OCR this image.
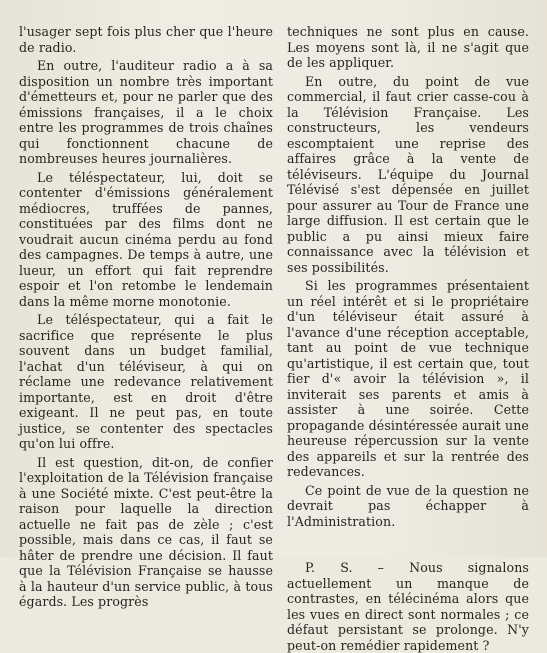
l'usager sept fois plus cher que l'heure de radio.

En outre, l'auditeur radio a à sa disposition un nombre très important d'émetteurs et, pour ne parler que des émissions françaises, il a le choix entre les programmes de trois chaînes qui fonctionnent chacune de nombreuses heures journalières.

Le téléspectateur, lui, doit se contenter d'émissions généralement médiocres, truffées de pannes, constituées par des films dont ne voudrait aucun cinéma perdu au fond des campagnes. De temps à autre, une lueur, un effort qui fait reprendre espoir et l'on retombe le lendemain dans la même morne monotonie.

Le téléspectateur, qui a fait le sacrifice que représente le plus souvent dans un budget familial, l'achat d'un téléviseur, à qui on réclame une redevance relativement importante, est en droit d'être exigeant. Il ne peut pas, en toute justice, se contenter des spectacles qu'on lui offre.

Il est question, dit-on, de confier l'exploitation de la Télévision française à une Société mixte. C'est peut-être la raison pour laquelle la direction actuelle ne fait pas de zèle ; c'est possible, mais dans ce cas, il faut se hâter de prendre une décision. Il faut que la Télévision Française se hausse à la hauteur d'un service public, à tous égards. Les progrès

techniques ne sont plus en cause. Les moyens sont là, il ne s'agit que de les appliquer.

En outre, du point de vue commercial, il faut crier casse-cou à la Télévision Française. Les constructeurs, les vendeurs escomptaient une reprise des affaires grâce à la vente de téléviseurs. L'équipe du Journal Télévisé s'est dépensée en juillet pour assurer au Tour de France une large diffusion. Il est certain que le public a pu ainsi mieux faire connaissance avec la télévision et ses possibilités.

Si les programmes présentaient un réel intérêt et si le propriétaire d'un téléviseur était assuré à l'avance d'une réception acceptable, tant au point de vue technique qu'artistique, il est certain que, tout fier d'« avoir la télévision », il inviterait ses parents et amis à assister à une soirée. Cette propagande désintéressée aurait une heureuse répercussion sur la vente des appareils et sur la rentrée des redevances.

Ce point de vue de la question ne devrait pas échapper à l'Administration.

P. S. – Nous signalons actuellement un manque de contrastes, en télécinéma alors que les vues en direct sont normales ; ce défaut persistant se prolonge. N'y peut-on remédier rapidement ?
